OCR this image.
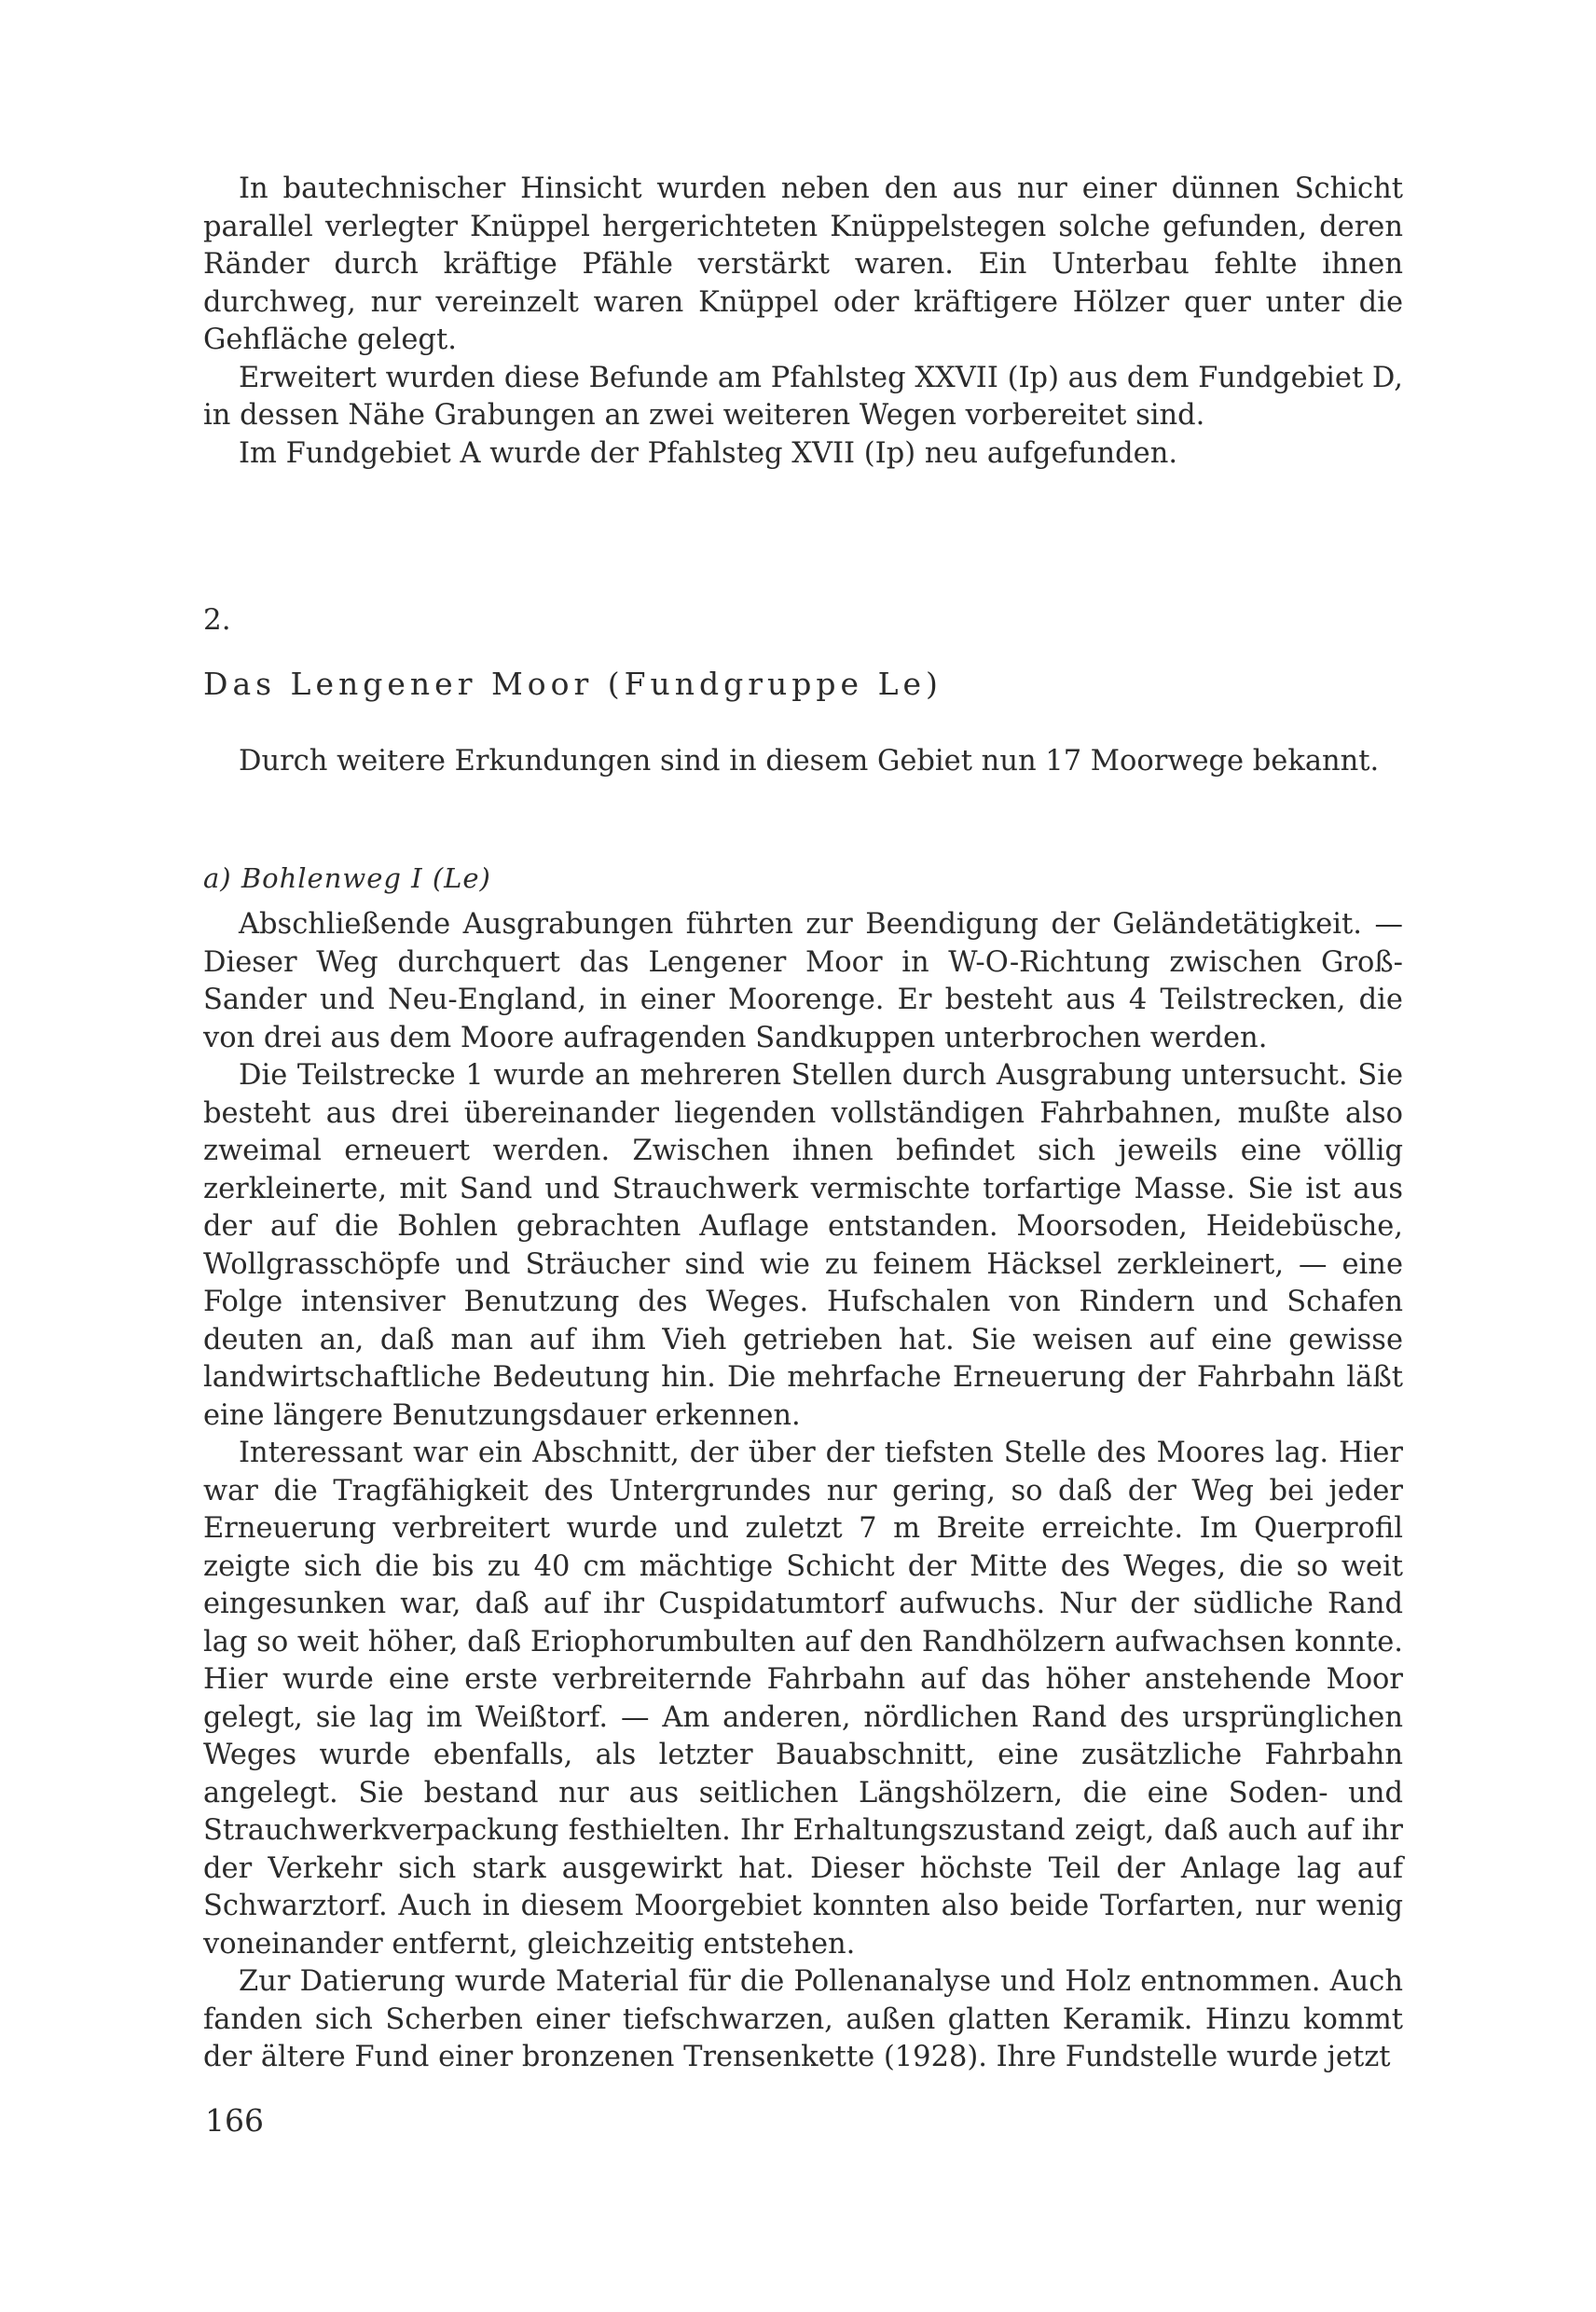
In bautechnischer Hinsicht wurden neben den aus nur einer dünnen Schicht parallel verlegter Knüppel hergerichteten Knüppelstegen solche gefunden, deren Ränder durch kräftige Pfähle verstärkt waren. Ein Unterbau fehlte ihnen durchweg, nur vereinzelt waren Knüppel oder kräftigere Hölzer quer unter die Gehfläche gelegt.

Erweitert wurden diese Befunde am Pfahlsteg XXVII (Ip) aus dem Fundgebiet D, in dessen Nähe Grabungen an zwei weiteren Wegen vorbereitet sind.

Im Fundgebiet A wurde der Pfahlsteg XVII (Ip) neu aufgefunden.

2.
Das Lengener Moor (Fundgruppe Le)

Durch weitere Erkundungen sind in diesem Gebiet nun 17 Moorwege bekannt.

a) Bohlenweg I (Le)

Abschließende Ausgrabungen führten zur Beendigung der Geländetätigkeit. — Dieser Weg durchquert das Lengener Moor in W-O-Richtung zwischen Groß-Sander und Neu-England, in einer Moorenge. Er besteht aus 4 Teilstrecken, die von drei aus dem Moore aufragenden Sandkuppen unterbrochen werden.

Die Teilstrecke 1 wurde an mehreren Stellen durch Ausgrabung untersucht. Sie besteht aus drei übereinander liegenden vollständigen Fahrbahnen, mußte also zweimal erneuert werden. Zwischen ihnen befindet sich jeweils eine völlig zerkleinerte, mit Sand und Strauchwerk vermischte torfartige Masse. Sie ist aus der auf die Bohlen gebrachten Auflage entstanden. Moorsoden, Heidebüsche, Wollgrasschöpfe und Sträucher sind wie zu feinem Häcksel zerkleinert, — eine Folge intensiver Benutzung des Weges. Hufschalen von Rindern und Schafen deuten an, daß man auf ihm Vieh getrieben hat. Sie weisen auf eine gewisse landwirtschaftliche Bedeutung hin. Die mehrfache Erneuerung der Fahrbahn läßt eine längere Benutzungsdauer erkennen.

Interessant war ein Abschnitt, der über der tiefsten Stelle des Moores lag. Hier war die Tragfähigkeit des Untergrundes nur gering, so daß der Weg bei jeder Erneuerung verbreitert wurde und zuletzt 7 m Breite erreichte. Im Querprofil zeigte sich die bis zu 40 cm mächtige Schicht der Mitte des Weges, die so weit eingesunken war, daß auf ihr Cuspidatumtorf aufwuchs. Nur der südliche Rand lag so weit höher, daß Eriophorumbulten auf den Randhölzern aufwachsen konnte. Hier wurde eine erste verbreiternde Fahrbahn auf das höher anstehende Moor gelegt, sie lag im Weißtorf. — Am anderen, nördlichen Rand des ursprünglichen Weges wurde ebenfalls, als letzter Bauabschnitt, eine zusätzliche Fahrbahn angelegt. Sie bestand nur aus seitlichen Längshölzern, die eine Soden- und Strauchwerkverpackung festhielten. Ihr Erhaltungszustand zeigt, daß auch auf ihr der Verkehr sich stark ausgewirkt hat. Dieser höchste Teil der Anlage lag auf Schwarztorf. Auch in diesem Moorgebiet konnten also beide Torfarten, nur wenig voneinander entfernt, gleichzeitig entstehen.

Zur Datierung wurde Material für die Pollenanalyse und Holz entnommen. Auch fanden sich Scherben einer tiefschwarzen, außen glatten Keramik. Hinzu kommt der ältere Fund einer bronzenen Trensenkette (1928). Ihre Fundstelle wurde jetzt

166
